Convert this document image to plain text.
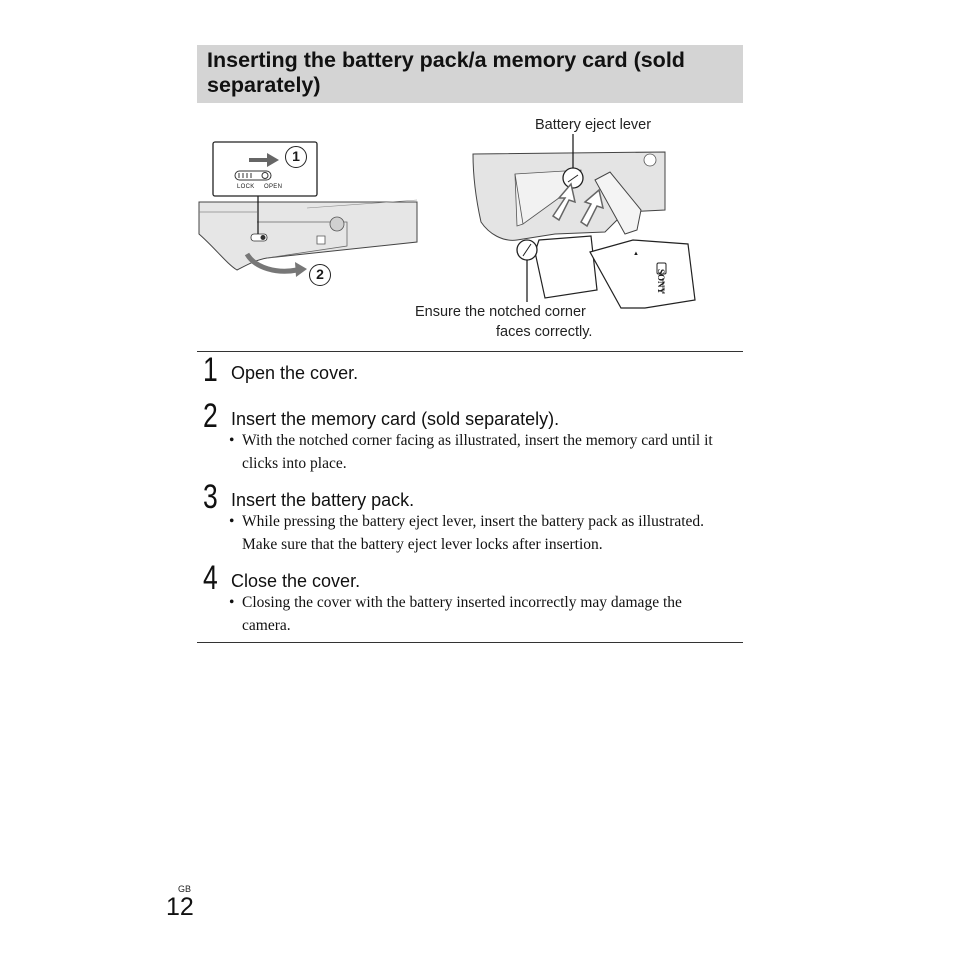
Inserting the battery pack/a memory card (sold separately)
1
2
LOCK OPEN
SONY
▲
Battery eject lever
Ensure the notched corner
faces correctly.
1 Open the cover.
2 Insert the memory card (sold separately).
• With the notched corner facing as illustrated, insert the memory card until it clicks into place.
3 Insert the battery pack.
• While pressing the battery eject lever, insert the battery pack as illustrated. Make sure that the battery eject lever locks after insertion.
4 Close the cover.
• Closing the cover with the battery inserted incorrectly may damage the camera.
GB
12
